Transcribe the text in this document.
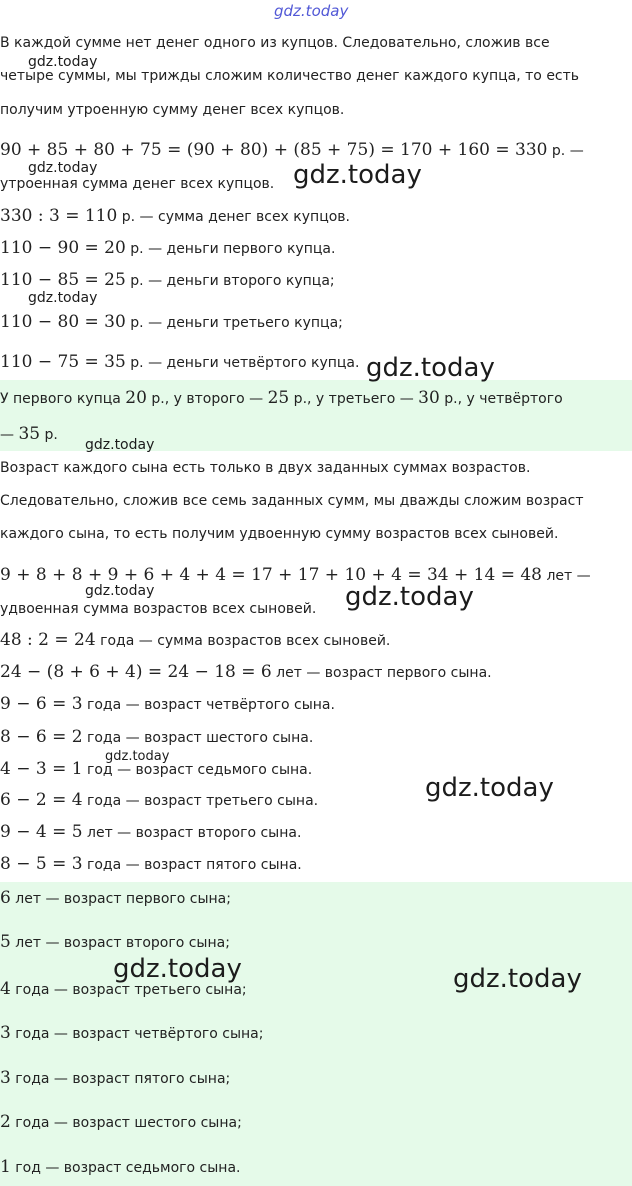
gdz.today
В каждой сумме нет денег одного из купцов. Следовательно, сложив все
четыре суммы, мы трижды сложим количество денег каждого купца, то есть
получим утроенную сумму денег всех купцов.
90 + 85 + 80 + 75 = (90 + 80) + (85 + 75) = 170 + 160 = 330 р. —
утроенная сумма денег всех купцов.
330 : 3 = 110 р. — сумма денег всех купцов.
110 − 90 = 20 р. — деньги первого купца.
110 − 85 = 25 р. — деньги второго купца;
110 − 80 = 30 р. — деньги третьего купца;
110 − 75 = 35 р. — деньги четвёртого купца.
У первого купца 20 р., у второго — 25 р., у третьего — 30 р., у четвёртого
— 35 р.
Возраст каждого сына есть только в двух заданных суммах возрастов.
Следовательно, сложив все семь заданных сумм, мы дважды сложим возраст
каждого сына, то есть получим удвоенную сумму возрастов всех сыновей.
9 + 8 + 8 + 9 + 6 + 4 + 4 = 17 + 17 + 10 + 4 = 34 + 14 = 48 лет —
удвоенная сумма возрастов всех сыновей.
48 : 2 = 24 года — сумма возрастов всех сыновей.
24 − (8 + 6 + 4) = 24 − 18 = 6 лет — возраст первого сына.
9 − 6 = 3 года — возраст четвёртого сына.
8 − 6 = 2 года — возраст шестого сына.
4 − 3 = 1 год — возраст седьмого сына.
6 − 2 = 4 года — возраст третьего сына.
9 − 4 = 5 лет — возраст второго сына.
8 − 5 = 3 года — возраст пятого сына.
6 лет — возраст первого сына;
5 лет — возраст второго сына;
4 года — возраст третьего сына;
3 года — возраст четвёртого сына;
3 года — возраст пятого сына;
2 года — возраст шестого сына;
1 год — возраст седьмого сына.
gdz.today
gdz.today	gdz.today
gdz.today
gdz.today
gdz.today
gdz.today	gdz.today
gdz.today
gdz.today
gdz.today	gdz.today
